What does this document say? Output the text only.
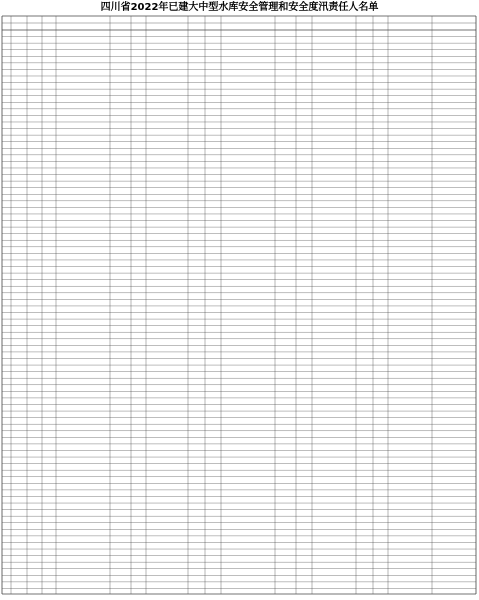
四川省2022年已建大中型水库安全管理和安全度汛责任人名单
